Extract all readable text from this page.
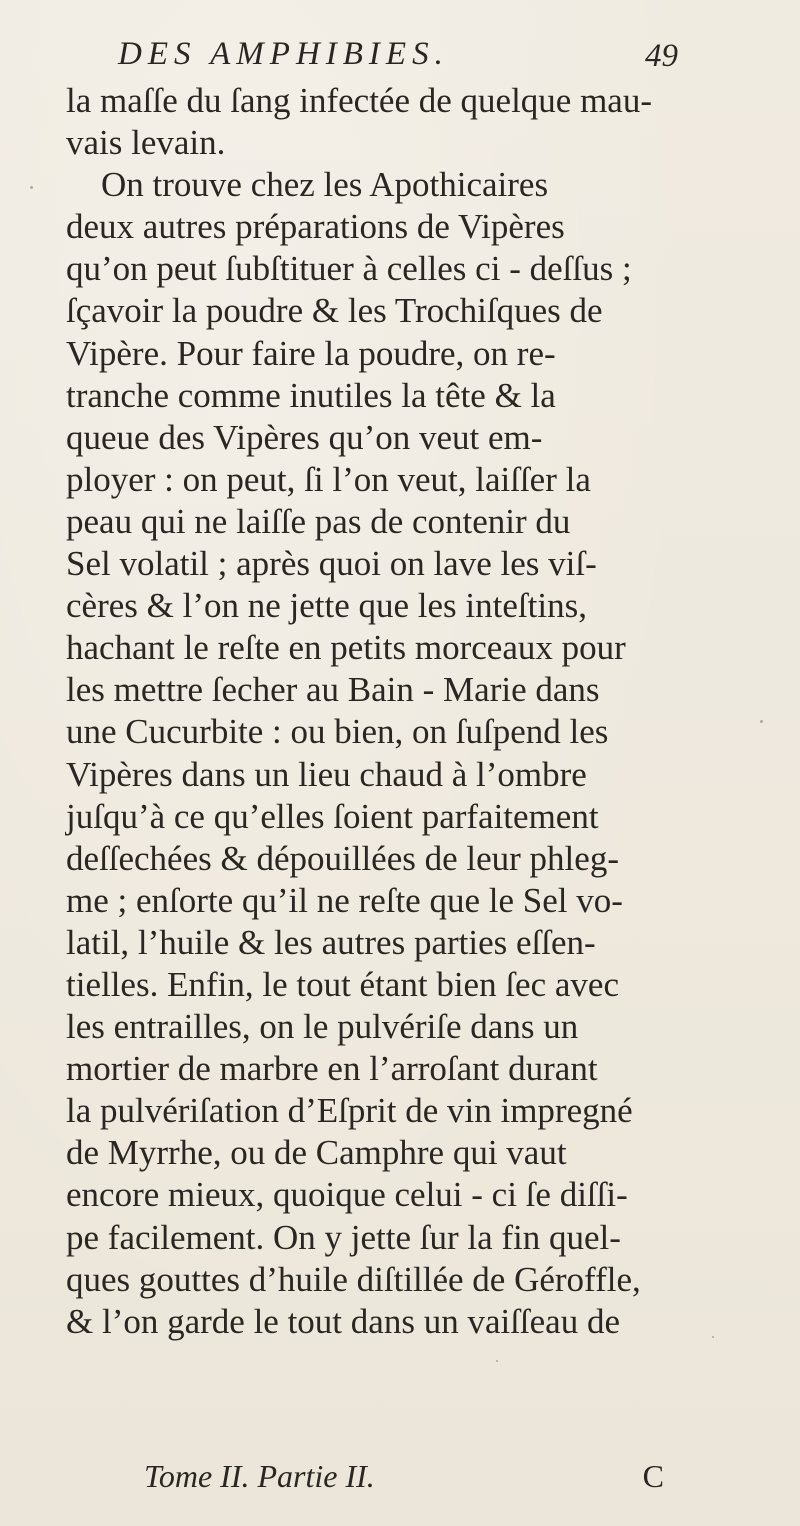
DES AMPHIBIES.	49
la maſſe du ſang infectée de quelque mau-
vais levain.
On trouve chez les Apothicaires
deux autres préparations de Vipères
qu’on peut ſubſtituer à celles ci - deſſus ;
ſçavoir la poudre & les Trochiſques de
Vipère. Pour faire la poudre, on re-
tranche comme inutiles la tête & la
queue des Vipères qu’on veut em-
ployer : on peut, ſi l’on veut, laiſſer la
peau qui ne laiſſe pas de contenir du
Sel volatil ; après quoi on lave les viſ-
cères & l’on ne jette que les inteſtins,
hachant le reſte en petits morceaux pour
les mettre ſecher au Bain - Marie dans
une Cucurbite : ou bien, on ſuſpend les
Vipères dans un lieu chaud à l’ombre
juſqu’à ce qu’elles ſoient parfaitement
deſſechées & dépouillées de leur phleg-
me ; enſorte qu’il ne reſte que le Sel vo-
latil, l’huile & les autres parties eſſen-
tielles. Enfin, le tout étant bien ſec avec
les entrailles, on le pulvériſe dans un
mortier de marbre en l’arroſant durant
la pulvériſation d’Eſprit de vin impregné
de Myrrhe, ou de Camphre qui vaut
encore mieux, quoique celui - ci ſe diſſi-
pe facilement. On y jette ſur la fin quel-
ques gouttes d’huile diſtillée de Géroffle,
& l’on garde le tout dans un vaiſſeau de
Tome II. Partie II.	C
